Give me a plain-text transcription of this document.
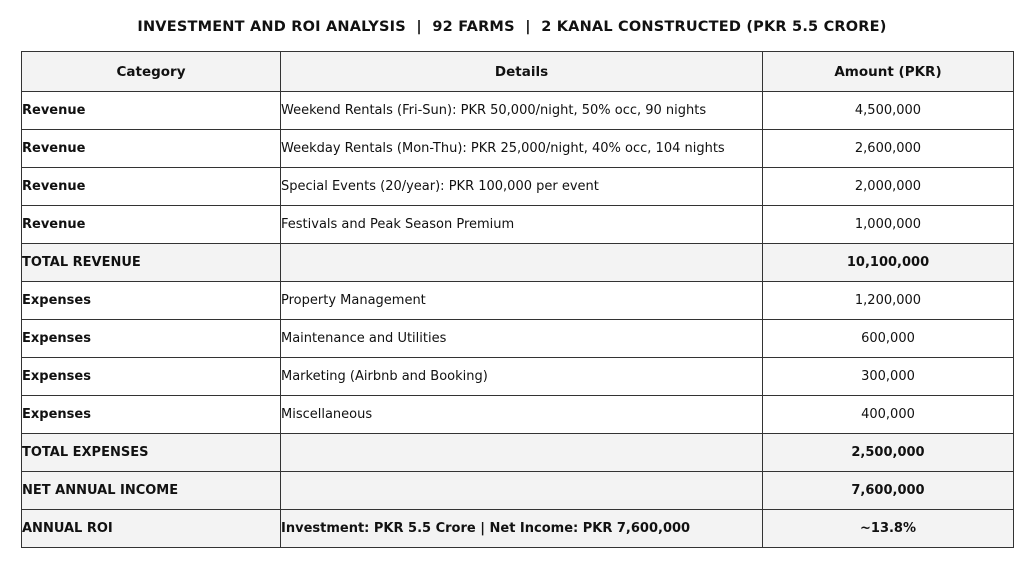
INVESTMENT AND ROI ANALYSIS  |  92 FARMS  |  2 KANAL CONSTRUCTED (PKR 5.5 CRORE)
Category	Details	Amount (PKR)
Revenue	Weekend Rentals (Fri-Sun): PKR 50,000/night, 50% occ, 90 nights	4,500,000
Revenue	Weekday Rentals (Mon-Thu): PKR 25,000/night, 40% occ, 104 nights	2,600,000
Revenue	Special Events (20/year): PKR 100,000 per event	2,000,000
Revenue	Festivals and Peak Season Premium	1,000,000
TOTAL REVENUE		10,100,000
Expenses	Property Management	1,200,000
Expenses	Maintenance and Utilities	600,000
Expenses	Marketing (Airbnb and Booking)	300,000
Expenses	Miscellaneous	400,000
TOTAL EXPENSES		2,500,000
NET ANNUAL INCOME		7,600,000
ANNUAL ROI	Investment: PKR 5.5 Crore | Net Income: PKR 7,600,000	~13.8%
